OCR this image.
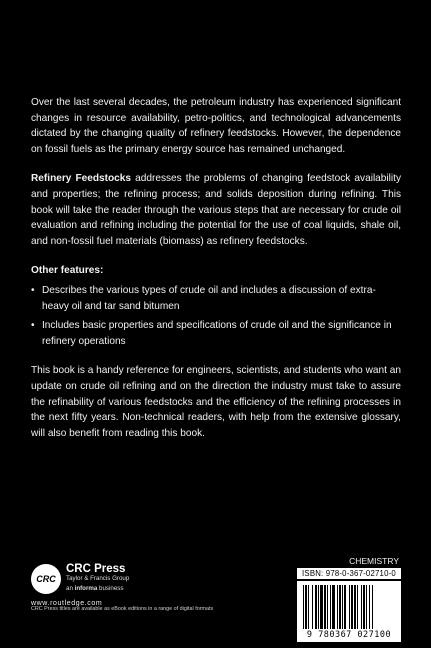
Over the last several decades, the petroleum industry has experienced significant changes in resource availability, petro-politics, and technological advancements dictated by the changing quality of refinery feedstocks. However, the dependence on fossil fuels as the primary energy source has remained unchanged.

Refinery Feedstocks addresses the problems of changing feedstock availability and properties; the refining process; and solids deposition during refining. This book will take the reader through the various steps that are necessary for crude oil evaluation and refining including the potential for the use of coal liquids, shale oil, and non-fossil fuel materials (biomass) as refinery feedstocks.

Other features:
• Describes the various types of crude oil and includes a discussion of extra-heavy oil and tar sand bitumen
• Includes basic properties and specifications of crude oil and the significance in refinery operations

This book is a handy reference for engineers, scientists, and students who want an update on crude oil refining and on the direction the industry must take to assure the refinability of various feedstocks and the efficiency of the refining processes in the next fifty years. Non-technical readers, with help from the extensive glossary, will also benefit from reading this book.

CRC
CRC Press
Taylor & Francis Group
an informa business
www.routledge.com
CRC Press titles are available as eBook editions in a range of digital formats
CHEMISTRY
ISBN: 978-0-367-02710-0
9 780367 027100
